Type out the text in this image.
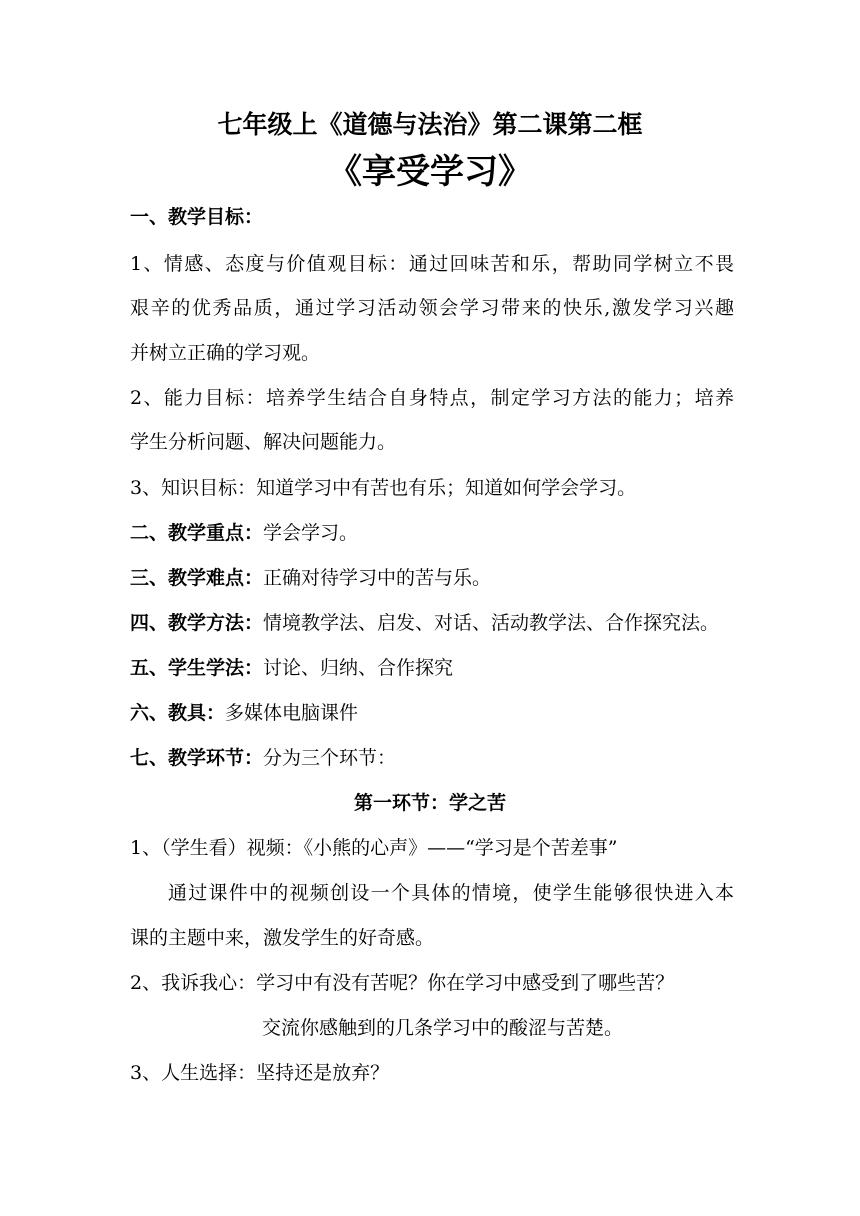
七年级上《道德与法治》第二课第二框
《享受学习》
一、教学目标：
1、情感、态度与价值观目标：通过回味苦和乐，帮助同学树立不畏
艰辛的优秀品质，通过学习活动领会学习带来的快乐,激发学习兴趣
并树立正确的学习观。
2、能力目标：培养学生结合自身特点，制定学习方法的能力；培养
学生分析问题、解决问题能力。
3、知识目标：知道学习中有苦也有乐；知道如何学会学习。
二、教学重点：学会学习。
三、教学难点：正确对待学习中的苦与乐。
四、教学方法：情境教学法、启发、对话、活动教学法、合作探究法。
五、学生学法：讨论、归纳、合作探究
六、教具：多媒体电脑课件
七、教学环节：分为三个环节：
第一环节：学之苦
1、（学生看）视频：《小熊的心声》——“学习是个苦差事”
通过课件中的视频创设一个具体的情境，使学生能够很快进入本
课的主题中来，激发学生的好奇感。
2、我诉我心：学习中有没有苦呢？你在学习中感受到了哪些苦？
交流你感触到的几条学习中的酸涩与苦楚。
3、人生选择：坚持还是放弃？
